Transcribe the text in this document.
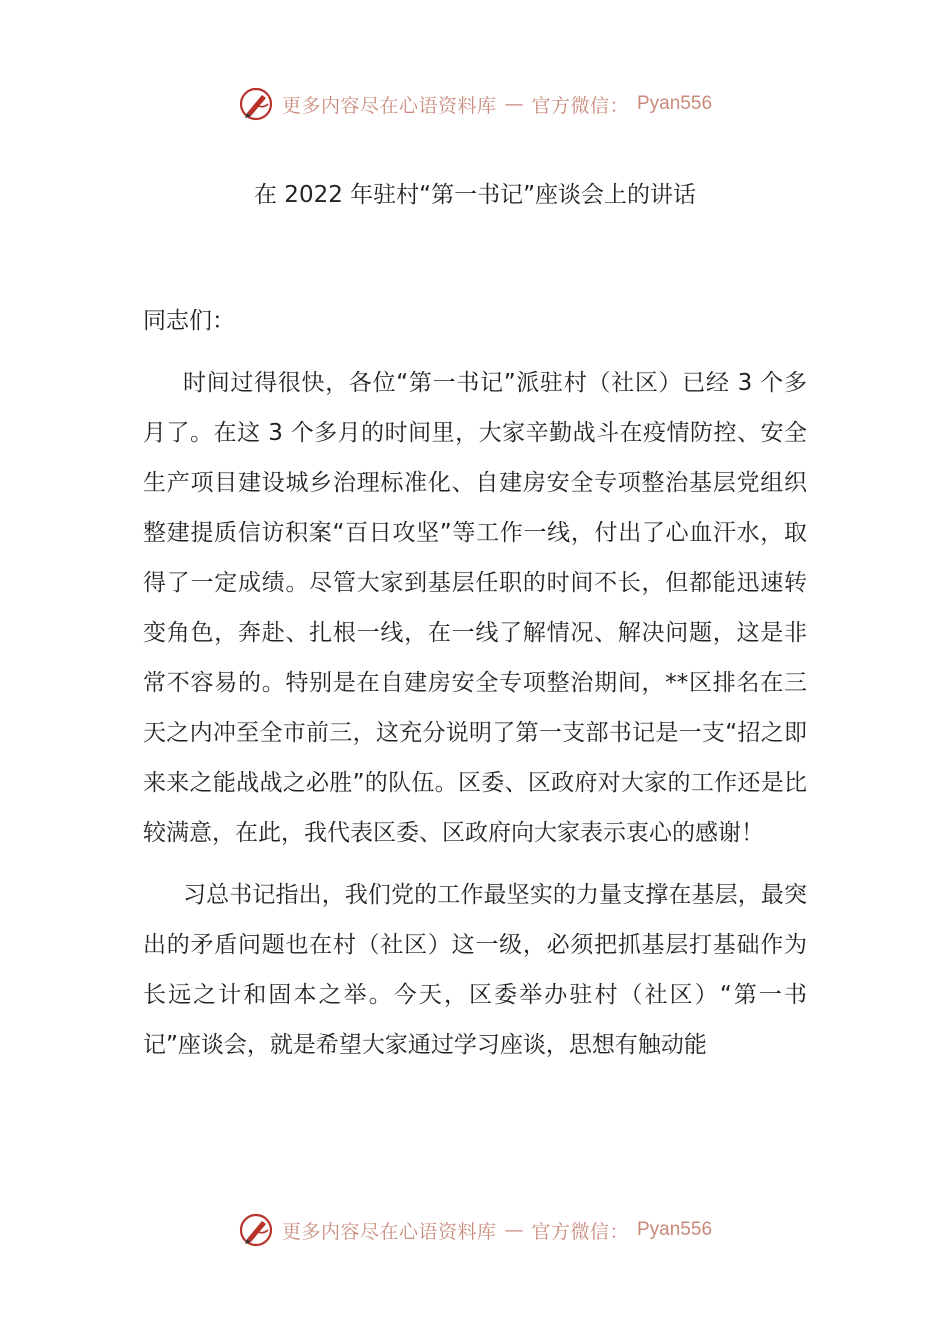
更多内容尽在心语资料库 — 官方微信： Pyan556
在 2022 年驻村“第一书记”座谈会上的讲话

同志们：

时间过得很快，各位“第一书记”派驻村（社区）已经 3 个多月了。在这 3 个多月的时间里，大家辛勤战斗在疫情防控、安全生产项目建设城乡治理标准化、自建房安全专项整治基层党组织整建提质信访积案“百日攻坚”等工作一线，付出了心血汗水，取得了一定成绩。尽管大家到基层任职的时间不长，但都能迅速转变角色，奔赴、扎根一线，在一线了解情况、解决问题，这是非常不容易的。特别是在自建房安全专项整治期间，**区排名在三天之内冲至全市前三，这充分说明了第一支部书记是一支“招之即来来之能战战之必胜”的队伍。区委、区政府对大家的工作还是比较满意，在此，我代表区委、区政府向大家表示衷心的感谢！

习总书记指出，我们党的工作最坚实的力量支撑在基层，最突出的矛盾问题也在村（社区）这一级，必须把抓基层打基础作为长远之计和固本之举。今天，区委举办驻村（社区）“第一书记”座谈会，就是希望大家通过学习座谈，思想有触动能

更多内容尽在心语资料库 — 官方微信： Pyan556
